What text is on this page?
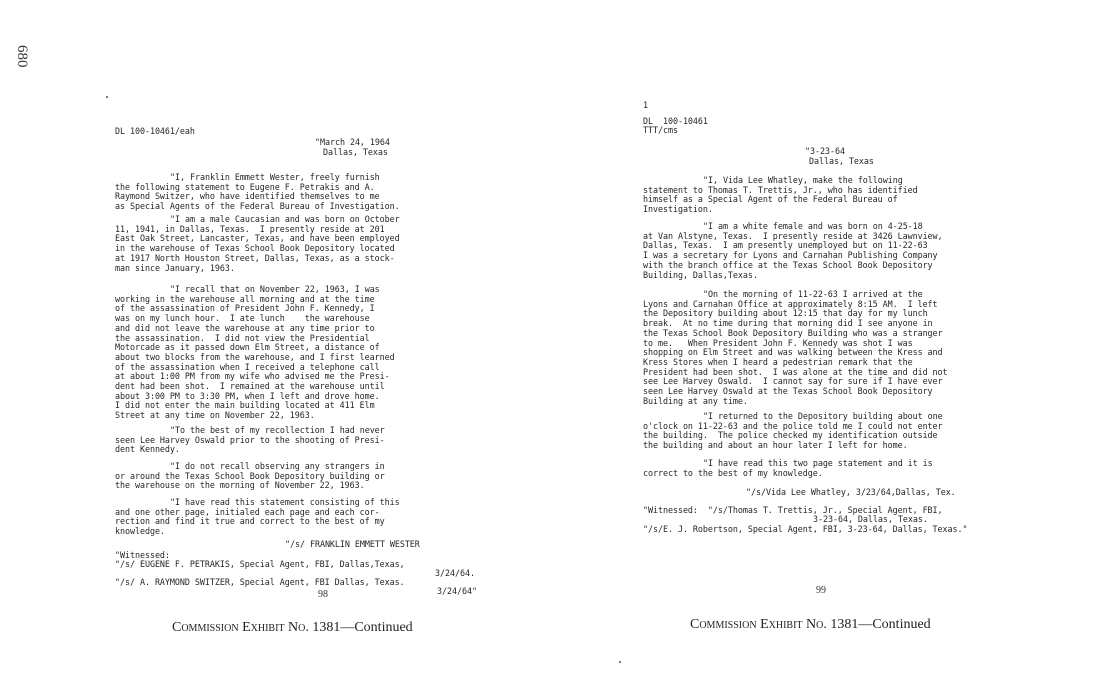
680
DL 100-10461/eah
"March 24, 1964
Dallas, Texas
"I, Franklin Emmett Wester, freely furnish
the following statement to Eugene F. Petrakis and A.
Raymond Switzer, who have identified themselves to me
as Special Agents of the Federal Bureau of Investigation.
"I am a male Caucasian and was born on October
11, 1941, in Dallas, Texas.  I presently reside at 201
East Oak Street, Lancaster, Texas, and have been employed
in the warehouse of Texas School Book Depository located
at 1917 North Houston Street, Dallas, Texas, as a stock-
man since January, 1963.
"I recall that on November 22, 1963, I was
working in the warehouse all morning and at the time
of the assassination of President John F. Kennedy, I
was on my lunch hour.  I ate lunch    the warehouse
and did not leave the warehouse at any time prior to
the assassination.  I did not view the Presidential
Motorcade as it passed down Elm Street, a distance of
about two blocks from the warehouse, and I first learned
of the assassination when I received a telephone call
at about 1:00 PM from my wife who advised me the Presi-
dent had been shot.  I remained at the warehouse until
about 3:00 PM to 3:30 PM, when I left and drove home.
I did not enter the main building located at 411 Elm
Street at any time on November 22, 1963.
"To the best of my recollection I had never
seen Lee Harvey Oswald prior to the shooting of Presi-
dent Kennedy.
"I do not recall observing any strangers in
or around the Texas School Book Depository building or
the warehouse on the morning of November 22, 1963.
"I have read this statement consisting of this
and one other page, initialed each page and each cor-
rection and find it true and correct to the best of my
knowledge.
"/s/ FRANKLIN EMMETT WESTER
"Witnessed:
"/s/ EUGENE F. PETRAKIS, Special Agent, FBI, Dallas,Texas,
3/24/64.
"/s/ A. RAYMOND SWITZER, Special Agent, FBI Dallas, Texas.
3/24/64"
98
Commission Exhibit No. 1381—Continued
1
DL  100-10461
TTT/cms
"3-23-64
Dallas, Texas
"I, Vida Lee Whatley, make the following
statement to Thomas T. Trettis, Jr., who has identified
himself as a Special Agent of the Federal Bureau of
Investigation.
"I am a white female and was born on 4-25-18
at Van Alstyne, Texas.  I presently reside at 3426 Lawnview,
Dallas, Texas.  I am presently unemployed but on 11-22-63
I was a secretary for Lyons and Carnahan Publishing Company
with the branch office at the Texas School Book Depository
Building, Dallas,Texas.
"On the morning of 11-22-63 I arrived at the
Lyons and Carnahan Office at approximately 8:15 AM.  I left
the Depository building about 12:15 that day for my lunch
break.  At no time during that morning did I see anyone in
the Texas School Book Depository Building who was a stranger
to me.   When President John F. Kennedy was shot I was
shopping on Elm Street and was walking between the Kress and
Kress Stores when I heard a pedestrian remark that the
President had been shot.  I was alone at the time and did not
see Lee Harvey Oswald.  I cannot say for sure if I have ever
seen Lee Harvey Oswald at the Texas School Book Depository
Building at any time.
"I returned to the Depository building about one
o'clock on 11-22-63 and the police told me I could not enter
the building.  The police checked my identification outside
the building and about an hour later I left for home.
"I have read this two page statement and it is
correct to the best of my knowledge.
"/s/Vida Lee Whatley, 3/23/64,Dallas, Tex.
"Witnessed:  "/s/Thomas T. Trettis, Jr., Special Agent, FBI,
3-23-64, Dallas, Texas.
"/s/E. J. Robertson, Special Agent, FBI, 3-23-64, Dallas, Texas."
99
Commission Exhibit No. 1381—Continued
